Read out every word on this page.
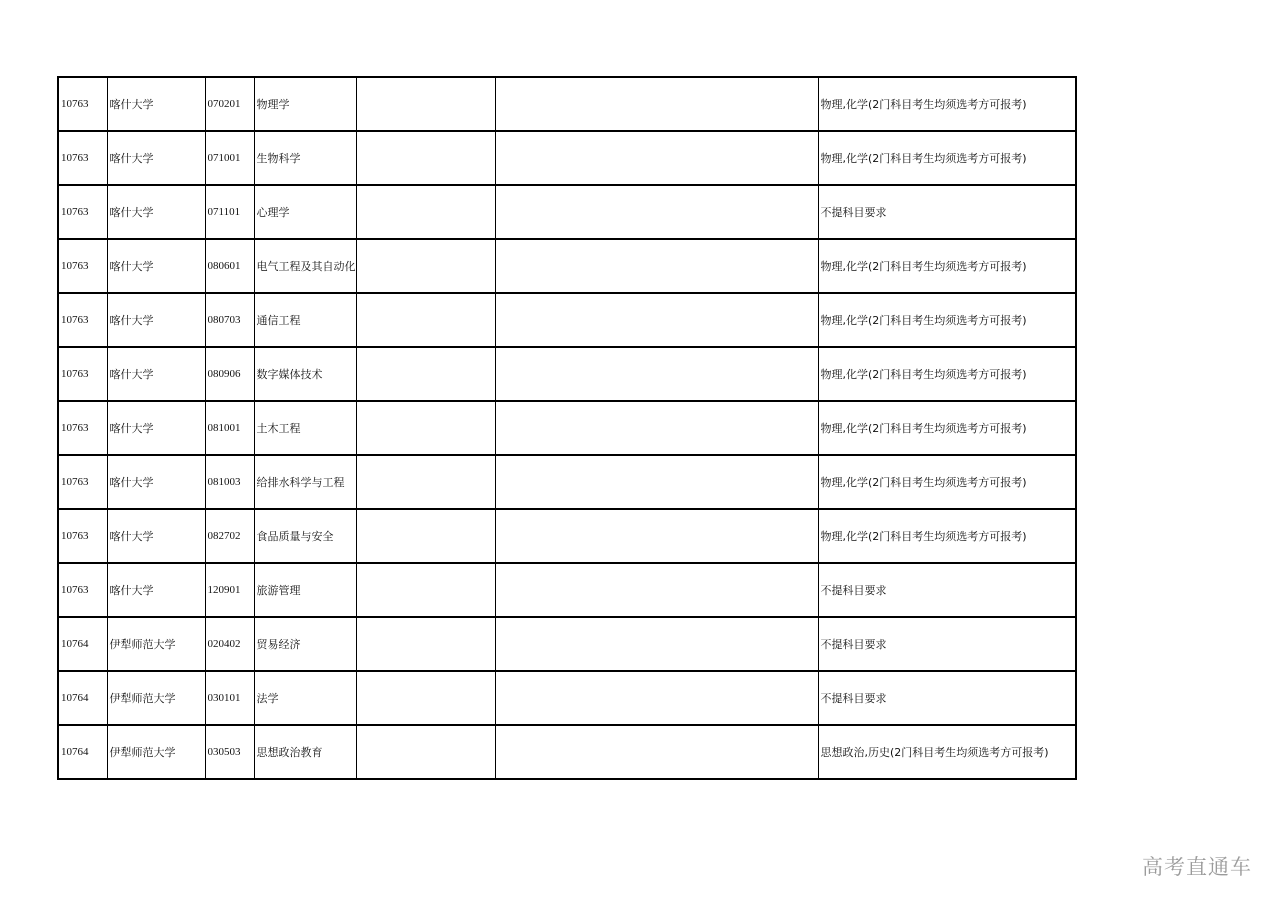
10763	喀什大学	070201	物理学			物理,化学(2门科目考生均须选考方可报考)
10763	喀什大学	071001	生物科学			物理,化学(2门科目考生均须选考方可报考)
10763	喀什大学	071101	心理学			不提科目要求
10763	喀什大学	080601	电气工程及其自动化			物理,化学(2门科目考生均须选考方可报考)
10763	喀什大学	080703	通信工程			物理,化学(2门科目考生均须选考方可报考)
10763	喀什大学	080906	数字媒体技术			物理,化学(2门科目考生均须选考方可报考)
10763	喀什大学	081001	土木工程			物理,化学(2门科目考生均须选考方可报考)
10763	喀什大学	081003	给排水科学与工程			物理,化学(2门科目考生均须选考方可报考)
10763	喀什大学	082702	食品质量与安全			物理,化学(2门科目考生均须选考方可报考)
10763	喀什大学	120901	旅游管理			不提科目要求
10764	伊犁师范大学	020402	贸易经济			不提科目要求
10764	伊犁师范大学	030101	法学			不提科目要求
10764	伊犁师范大学	030503	思想政治教育			思想政治,历史(2门科目考生均须选考方可报考)
高考直通车
